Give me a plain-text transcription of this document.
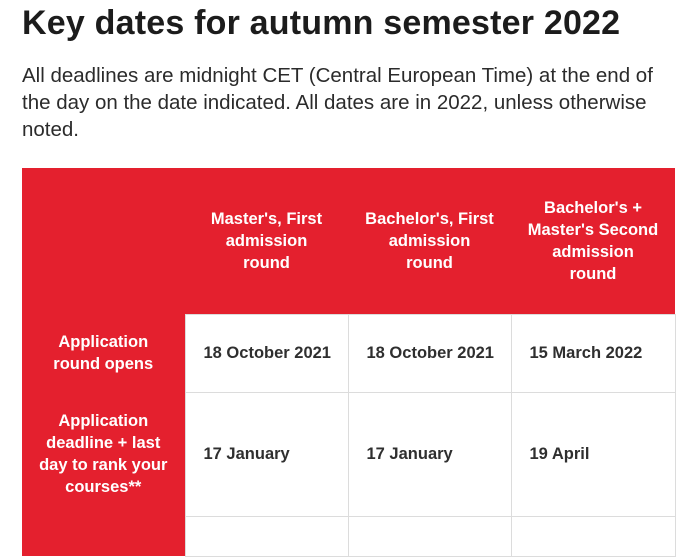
Key dates for autumn semester 2022

All deadlines are midnight CET (Central European Time) at the end of the day on the date indicated. All dates are in 2022, unless otherwise noted.

	Master's, First admission round	Bachelor's, First admission round	Bachelor's + Master's Second admission round
Application round opens	18 October 2021	18 October 2021	15 March 2022
Application deadline + last day to rank your courses**	17 January	17 January	19 April
